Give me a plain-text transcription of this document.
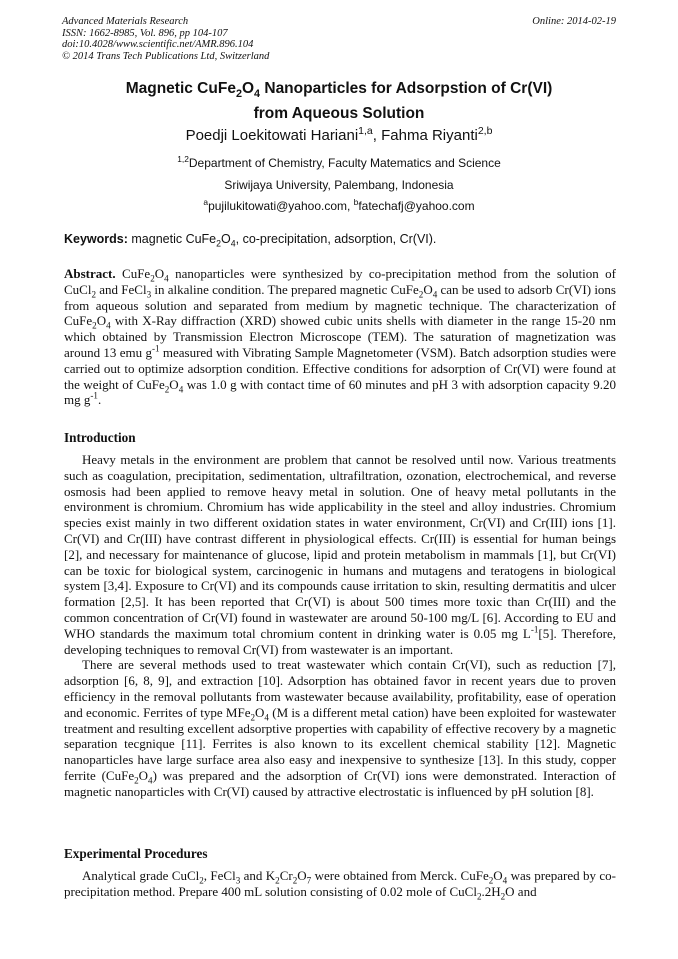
Advanced Materials Research
ISSN: 1662-8985, Vol. 896, pp 104-107
doi:10.4028/www.scientific.net/AMR.896.104
© 2014 Trans Tech Publications Ltd, Switzerland
Online: 2014-02-19
Magnetic $CuFe_2O_4$ Nanoparticles for Adsorpstion of Cr(VI)
from Aqueous Solution
Poedji Loekitowati Hariani$^{1,a}$, Fahma Riyanti$^{2,b}$
$^{1,2}$Department of Chemistry, Faculty Matematics and Science
Sriwijaya University, Palembang, Indonesia
$^a$pujilukitowati@yahoo.com, $^b$fatechafj@yahoo.com
Keywords: magnetic $CuFe_2O_4$, co-precipitation, adsorption, Cr(VI).

Abstract. $CuFe_2O_4$ nanoparticles were synthesized by co-precipitation method from the solution of CuCl$_2$ and FeCl$_3$ in alkaline condition. The prepared magnetic $CuFe_2O_4$ can be used to adsorb Cr(VI) ions from aqueous solution and separated from medium by magnetic technique. The characterization of $CuFe_2O_4$ with X-Ray diffraction (XRD) showed cubic units shells with diameter in the range 15-20 nm which obtained by Transmission Electron Microscope (TEM). The saturation of magnetization was around 13 emu $g^{-1}$ measured with Vibrating Sample Magnetometer (VSM). Batch adsorption studies were carried out to optimize adsorption condition. Effective conditions for adsorption of Cr(VI) were found at the weight of $CuFe_2O_4$ was 1.0 g with contact time of 60 minutes and pH 3 with adsorption capacity 9.20 mg $g^{-1}$.

Introduction

Heavy metals in the environment are problem that cannot be resolved until now. Various treatments such as coagulation, precipitation, sedimentation, ultrafiltration, ozonation, electrochemical, and reverse osmosis had been applied to remove heavy metal in solution. One of heavy metal pollutants in the environment is chromium. Chromium has wide applicability in the steel and alloy industries. Chromium species exist mainly in two different oxidation states in water environment, Cr(VI) and Cr(III) ions [1]. Cr(VI) and Cr(III) have contrast different in physiological effects. Cr(III) is essential for human beings [2], and necessary for maintenance of glucose, lipid and protein metabolism in mammals [1], but Cr(VI) can be toxic for biological system, carcinogenic in humans and mutagens and teratogens in biological system [3,4]. Exposure to Cr(VI) and its compounds cause irritation to skin, resulting dermatitis and ulcer formation [2,5]. It has been reported that Cr(VI) is about 500 times more toxic than Cr(III) and the common concentration of Cr(VI) found in wastewater are around 50-100 mg/L [6]. According to EU and WHO standards the maximum total chromium content in drinking water is 0.05 mg $L^{-1}[5]$. Therefore, developing techniques to removal Cr(VI) from wastewater is an important.

There are several methods used to treat wastewater which contain Cr(VI), such as reduction [7], adsorption [6, 8, 9], and extraction [10]. Adsorption has obtained favor in recent years due to proven efficiency in the removal pollutants from wastewater because availability, profitability, ease of operation and economic. Ferrites of type $MFe_2O_4$ (M is a different metal cation) have been exploited for wastewater treatment and resulting excellent adsorptive properties with capability of effective recovery by a magnetic separation tecgnique [11]. Ferrites is also known to its excellent chemical stability [12]. Magnetic nanoparticles have large surface area also easy and inexpensive to synthesize [13]. In this study, copper ferrite $(CuFe_2O_4)$ was prepared and the adsorption of Cr(VI) ions were demonstrated. Interaction of magnetic nanoparticles with Cr(VI) caused by attractive electrostatic is influenced by pH solution [8].

Experimental Procedures

Analytical grade CuCl$_2$, FeCl$_3$ and $K_2Cr_2O_7$ were obtained from Merck. $CuFe_2O_4$ was prepared by co-precipitation method. Prepare 400 mL solution consisting of 0.02 mole of $CuCl_2.2H_2O$ and
